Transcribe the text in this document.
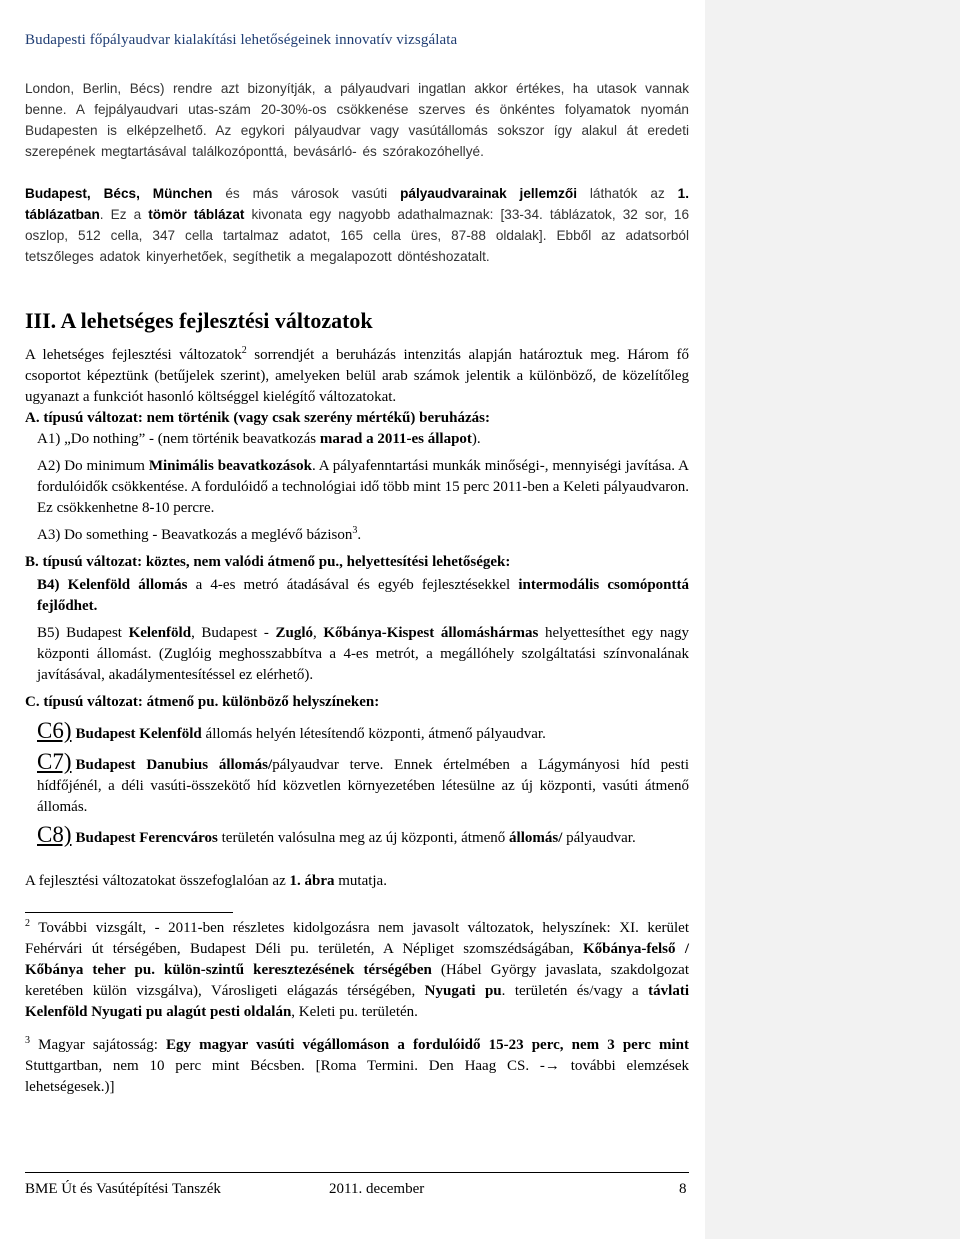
Budapesti főpályaudvar kialakítási lehetőségeinek innovatív vizsgálata

London, Berlin, Bécs) rendre azt bizonyítják, a pályaudvari ingatlan akkor értékes, ha utasok vannak benne. A fejpályaudvari utas-szám 20-30%-os csökkenése szerves és önkéntes folyamatok nyomán Budapesten is elképzelhető. Az egykori pályaudvar vagy vasútállomás sokszor így alakul át eredeti szerepének megtartásával találkozóponttá, bevásárló- és szórakozóhellyé.

Budapest, Bécs, München és más városok vasúti pályaudvarainak jellemzői láthatók az 1. táblázatban. Ez a tömör táblázat kivonata egy nagyobb adathalmaznak: [33-34. táblázatok, 32 sor, 16 oszlop, 512 cella, 347 cella tartalmaz adatot, 165 cella üres, 87-88 oldalak]. Ebből az adatsorból tetszőleges adatok kinyerhetőek, segíthetik a megalapozott döntéshozatalt.

III. A lehetséges fejlesztési változatok

A lehetséges fejlesztési változatok$^2$ sorrendjét a beruházás intenzitás alapján határoztuk meg. Három fő csoportot képeztünk (betűjelek szerint), amelyeken belül arab számok jelentik a különböző, de közelítőleg ugyanazt a funkciót hasonló költséggel kielégítő változatokat.

A. típusú változat: nem történik (vagy csak szerény mértékű) beruházás:

A1) „Do nothing” - (nem történik beavatkozás marad a 2011-es állapot).

A2) Do minimum Minimális beavatkozások. A pályafenntartási munkák minőségi-, mennyiségi javítása. A fordulóidők csökkentése. A fordulóidő a technológiai idő több mint 15 perc 2011-ben a Keleti pályaudvaron. Ez csökkenhetne 8-10 percre.

A3) Do something - Beavatkozás a meglévő bázison$^3$.

B. típusú változat: köztes, nem valódi átmenő pu., helyettesítési lehetőségek:

B4) Kelenföld állomás a 4-es metró átadásával és egyéb fejlesztésekkel intermodális csomóponttá fejlődhet.

B5) Budapest Kelenföld, Budapest - Zugló, Kőbánya-Kispest állomáshármas helyettesíthet egy nagy központi állomást. (Zuglóig meghosszabbítva a 4-es metrót, a megállóhely szolgáltatási színvonalának javításával, akadálymentesítéssel ez elérhető).

C. típusú változat: átmenő pu. különböző helyszíneken:

C6) Budapest Kelenföld állomás helyén létesítendő központi, átmenő pályaudvar.

C7) Budapest Danubius állomás/pályaudvar terve. Ennek értelmében a Lágymányosi híd pesti hídfőjénél, a déli vasúti-összekötő híd közvetlen környezetében létesülne az új központi, vasúti átmenő állomás.

C8) Budapest Ferencváros területén valósulna meg az új központi, átmenő állomás/ pályaudvar.

A fejlesztési változatokat összefoglalóan az 1. ábra mutatja.

$^2$ További vizsgált, - 2011-ben részletes kidolgozásra nem javasolt változatok, helyszínek: XI. kerület Fehérvári út térségében, Budapest Déli pu. területén, A Népliget szomszédságában, Kőbánya-felső / Kőbánya teher pu. külön-szintű keresztezésének térségében (Hábel György javaslata, szakdolgozat keretében külön vizsgálva), Városligeti elágazás térségében, Nyugati pu. területén és/vagy a távlati Kelenföld Nyugati pu alagút pesti oldalán, Keleti pu. területén.

$^3$ Magyar sajátosság: Egy magyar vasúti végállomáson a fordulóidő 15-23 perc, nem 3 perc mint Stuttgartban, nem 10 perc mint Bécsben. [Roma Termini. Den Haag CS. -→ további elemzések lehetségesek.)]

BME Út és Vasútépítési Tanszék	2011. december	8
